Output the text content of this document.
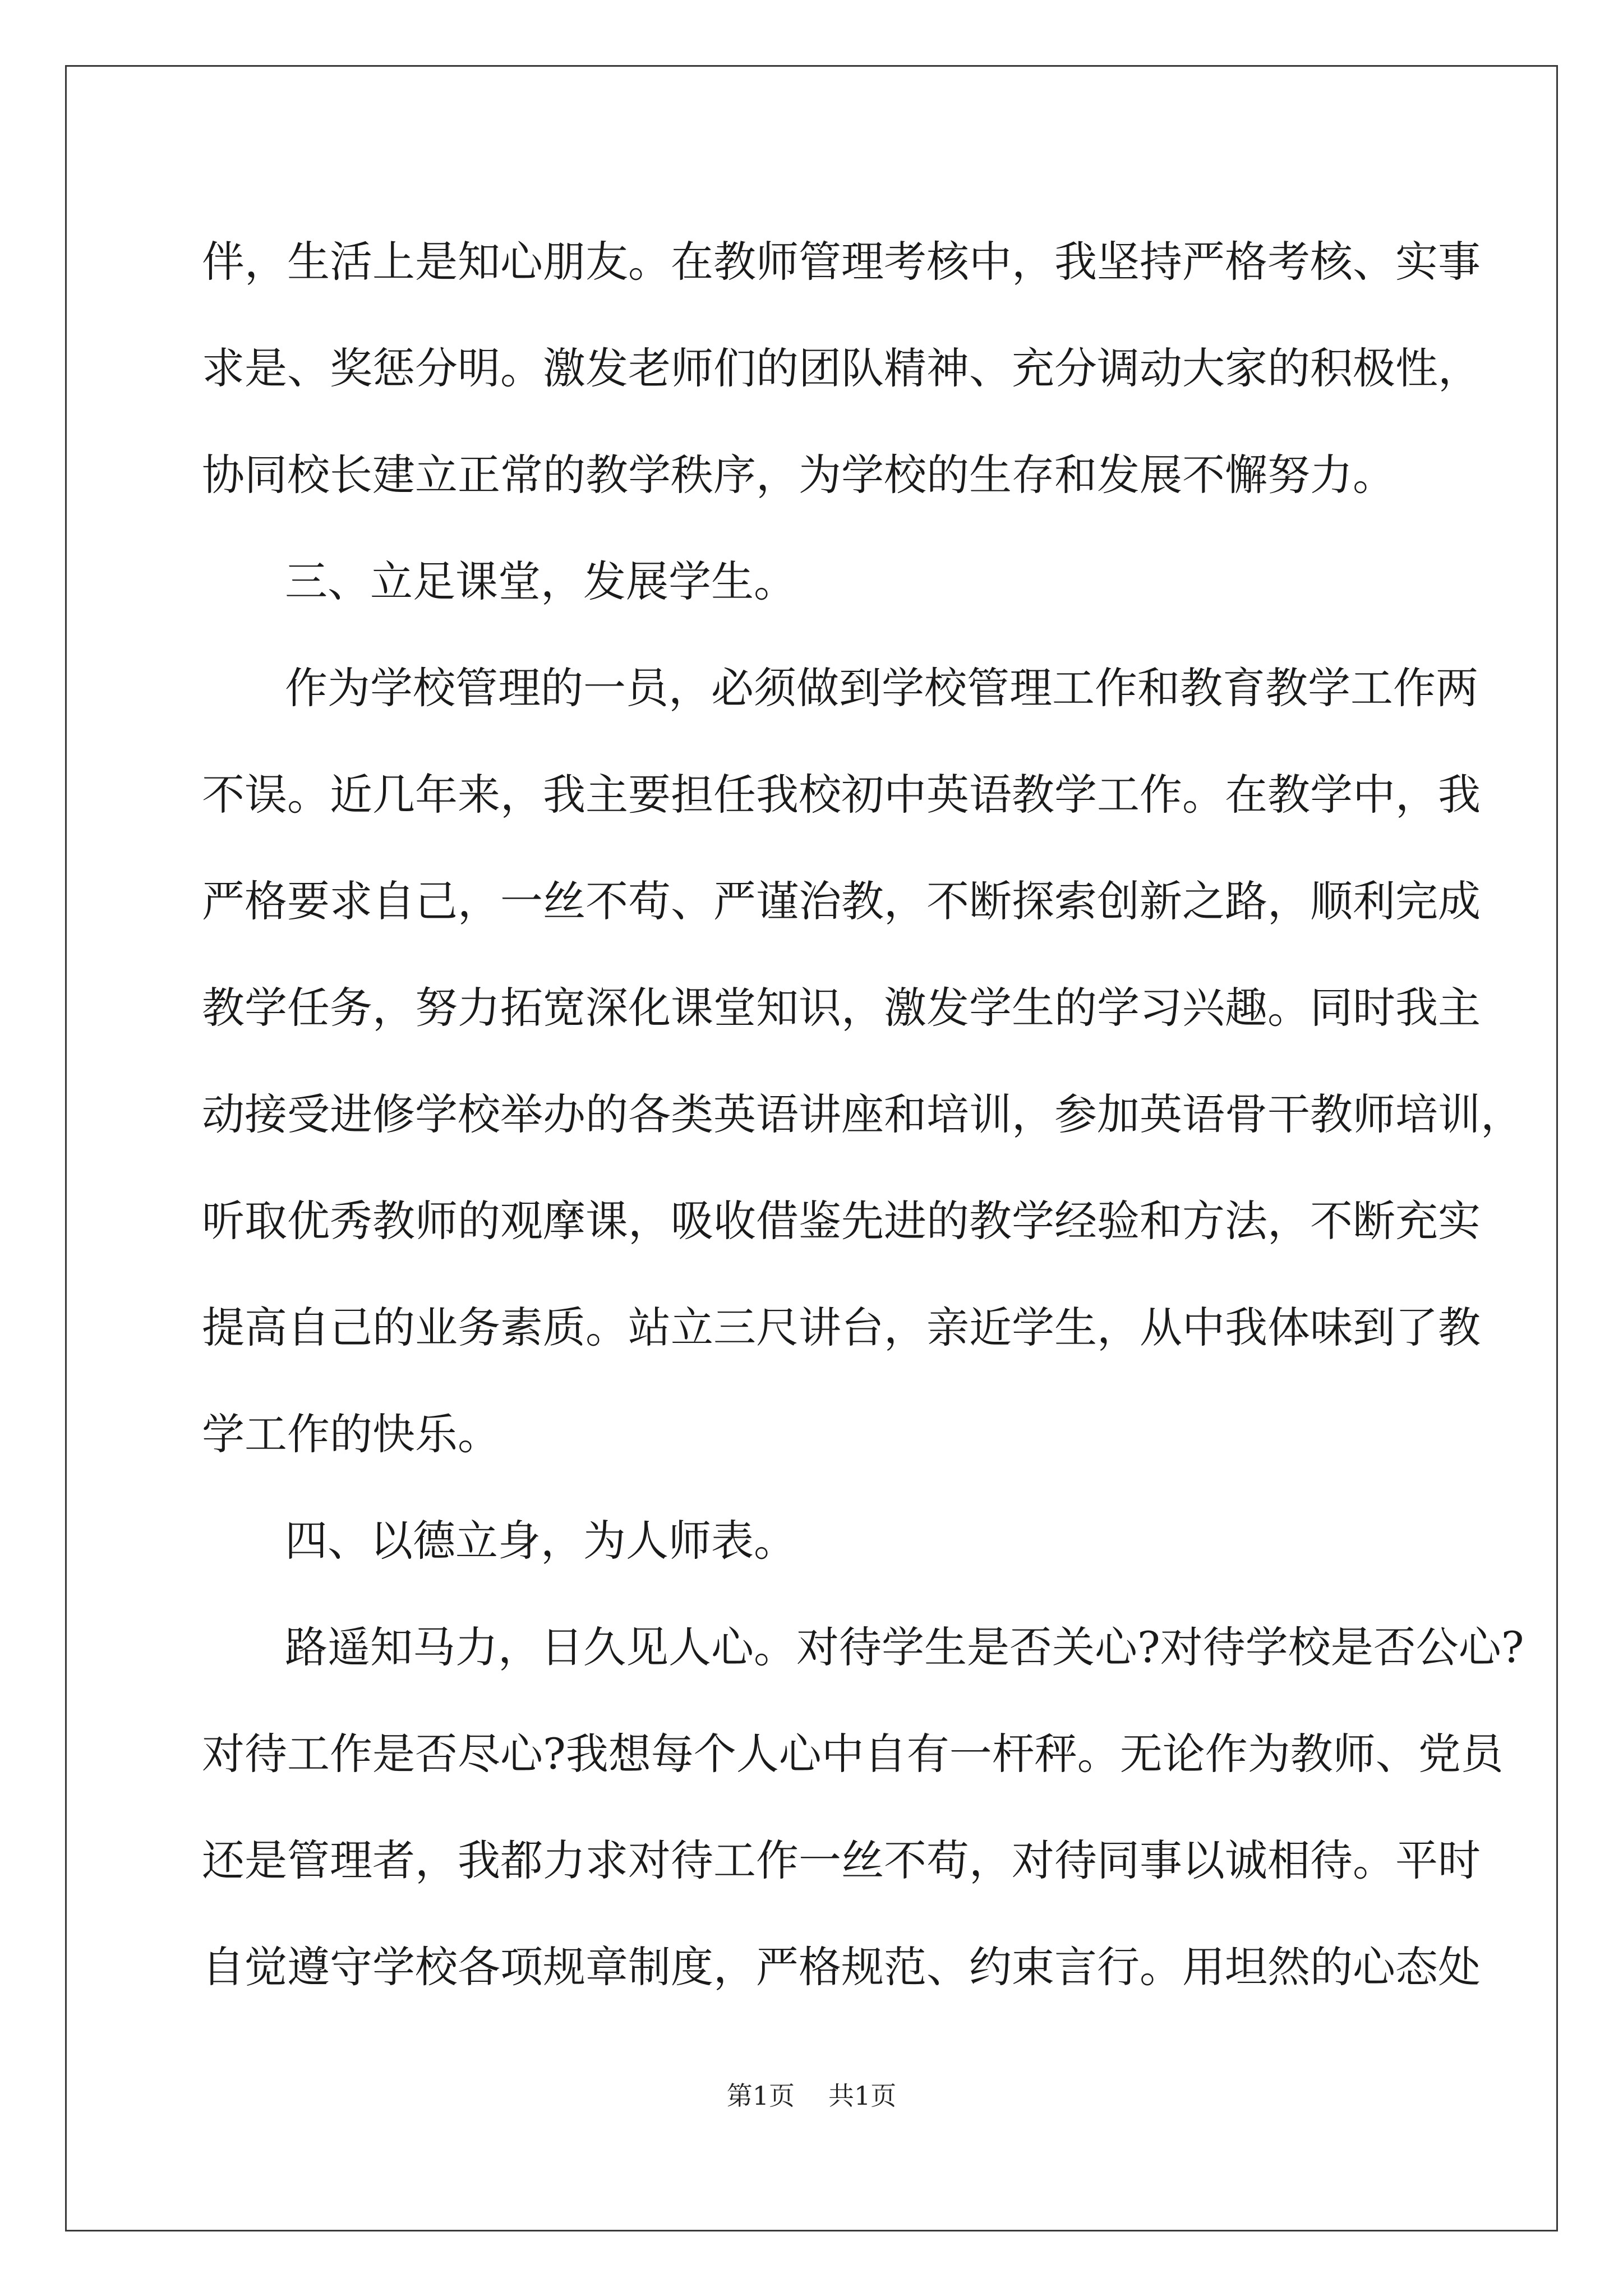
伴，生活上是知心朋友。在教师管理考核中，我坚持严格考核、实事
求是、奖惩分明。激发老师们的团队精神、充分调动大家的积极性，
协同校长建立正常的教学秩序，为学校的生存和发展不懈努力。
三、立足课堂，发展学生。
作为学校管理的一员，必须做到学校管理工作和教育教学工作两
不误。近几年来，我主要担任我校初中英语教学工作。在教学中，我
严格要求自己，一丝不苟、严谨治教，不断探索创新之路，顺利完成
教学任务，努力拓宽深化课堂知识，激发学生的学习兴趣。同时我主
动接受进修学校举办的各类英语讲座和培训，参加英语骨干教师培训，
听取优秀教师的观摩课，吸收借鉴先进的教学经验和方法，不断充实
提高自己的业务素质。站立三尺讲台，亲近学生，从中我体味到了教
学工作的快乐。
四、以德立身，为人师表。
路遥知马力，日久见人心。对待学生是否关心?对待学校是否公心?
对待工作是否尽心?我想每个人心中自有一杆秤。无论作为教师、党员
还是管理者，我都力求对待工作一丝不苟，对待同事以诚相待。平时
自觉遵守学校各项规章制度，严格规范、约束言行。用坦然的心态处
第1页 共1页
